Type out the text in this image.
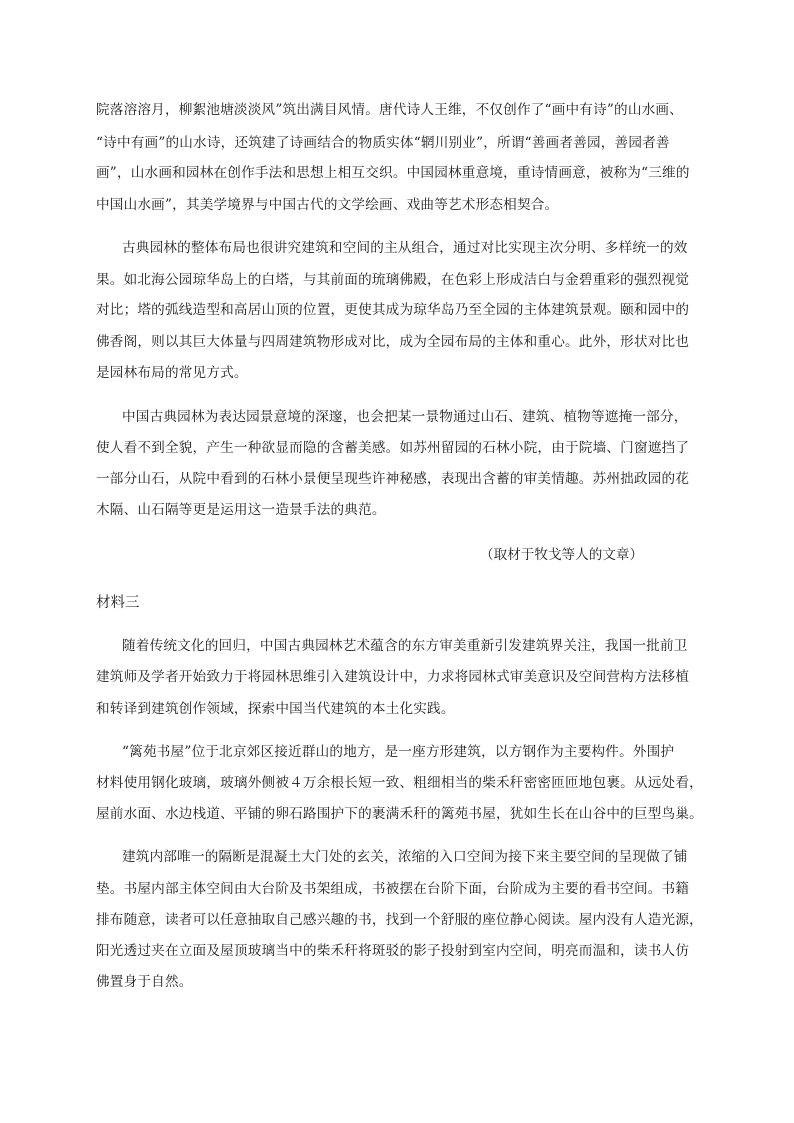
院落溶溶月，柳絮池塘淡淡风”筑出满目风情。唐代诗人王维，不仅创作了“画中有诗”的山水画、
“诗中有画”的山水诗，还筑建了诗画结合的物质实体“辋川别业”，所谓“善画者善园，善园者善
画”，山水画和园林在创作手法和思想上相互交织。中国园林重意境，重诗情画意，被称为“三维的
中国山水画”，其美学境界与中国古代的文学绘画、戏曲等艺术形态相契合。
古典园林的整体布局也很讲究建筑和空间的主从组合，通过对比实现主次分明、多样统一的效
果。如北海公园琼华岛上的白塔，与其前面的琉璃佛殿，在色彩上形成洁白与金碧重彩的强烈视觉
对比；塔的弧线造型和高居山顶的位置，更使其成为琼华岛乃至全园的主体建筑景观。颐和园中的
佛香阁，则以其巨大体量与四周建筑物形成对比，成为全园布局的主体和重心。此外，形状对比也
是园林布局的常见方式。
中国古典园林为表达园景意境的深邃，也会把某一景物通过山石、建筑、植物等遮掩一部分，
使人看不到全貌，产生一种欲显而隐的含蓄美感。如苏州留园的石林小院，由于院墙、门窗遮挡了
一部分山石，从院中看到的石林小景便呈现些许神秘感，表现出含蓄的审美情趣。苏州拙政园的花
木隔、山石隔等更是运用这一造景手法的典范。
（取材于牧戈等人的文章）
材料三
随着传统文化的回归，中国古典园林艺术蕴含的东方审美重新引发建筑界关注，我国一批前卫
建筑师及学者开始致力于将园林思维引入建筑设计中，力求将园林式审美意识及空间营构方法移植
和转译到建筑创作领域，探索中国当代建筑的本土化实践。
“篱苑书屋”位于北京郊区接近群山的地方，是一座方形建筑，以方钢作为主要构件。外围护
材料使用钢化玻璃，玻璃外侧被４万余根长短一致、粗细相当的柴禾秆密密匝匝地包裹。从远处看，
屋前水面、水边栈道、平铺的卵石路围护下的裹满禾秆的篱苑书屋，犹如生长在山谷中的巨型鸟巢。
建筑内部唯一的隔断是混凝土大门处的玄关，浓缩的入口空间为接下来主要空间的呈现做了铺
垫。书屋内部主体空间由大台阶及书架组成，书被摆在台阶下面，台阶成为主要的看书空间。书籍
排布随意，读者可以任意抽取自己感兴趣的书，找到一个舒服的座位静心阅读。屋内没有人造光源，
阳光透过夹在立面及屋顶玻璃当中的柴禾秆将斑驳的影子投射到室内空间，明亮而温和，读书人仿
佛置身于自然。
